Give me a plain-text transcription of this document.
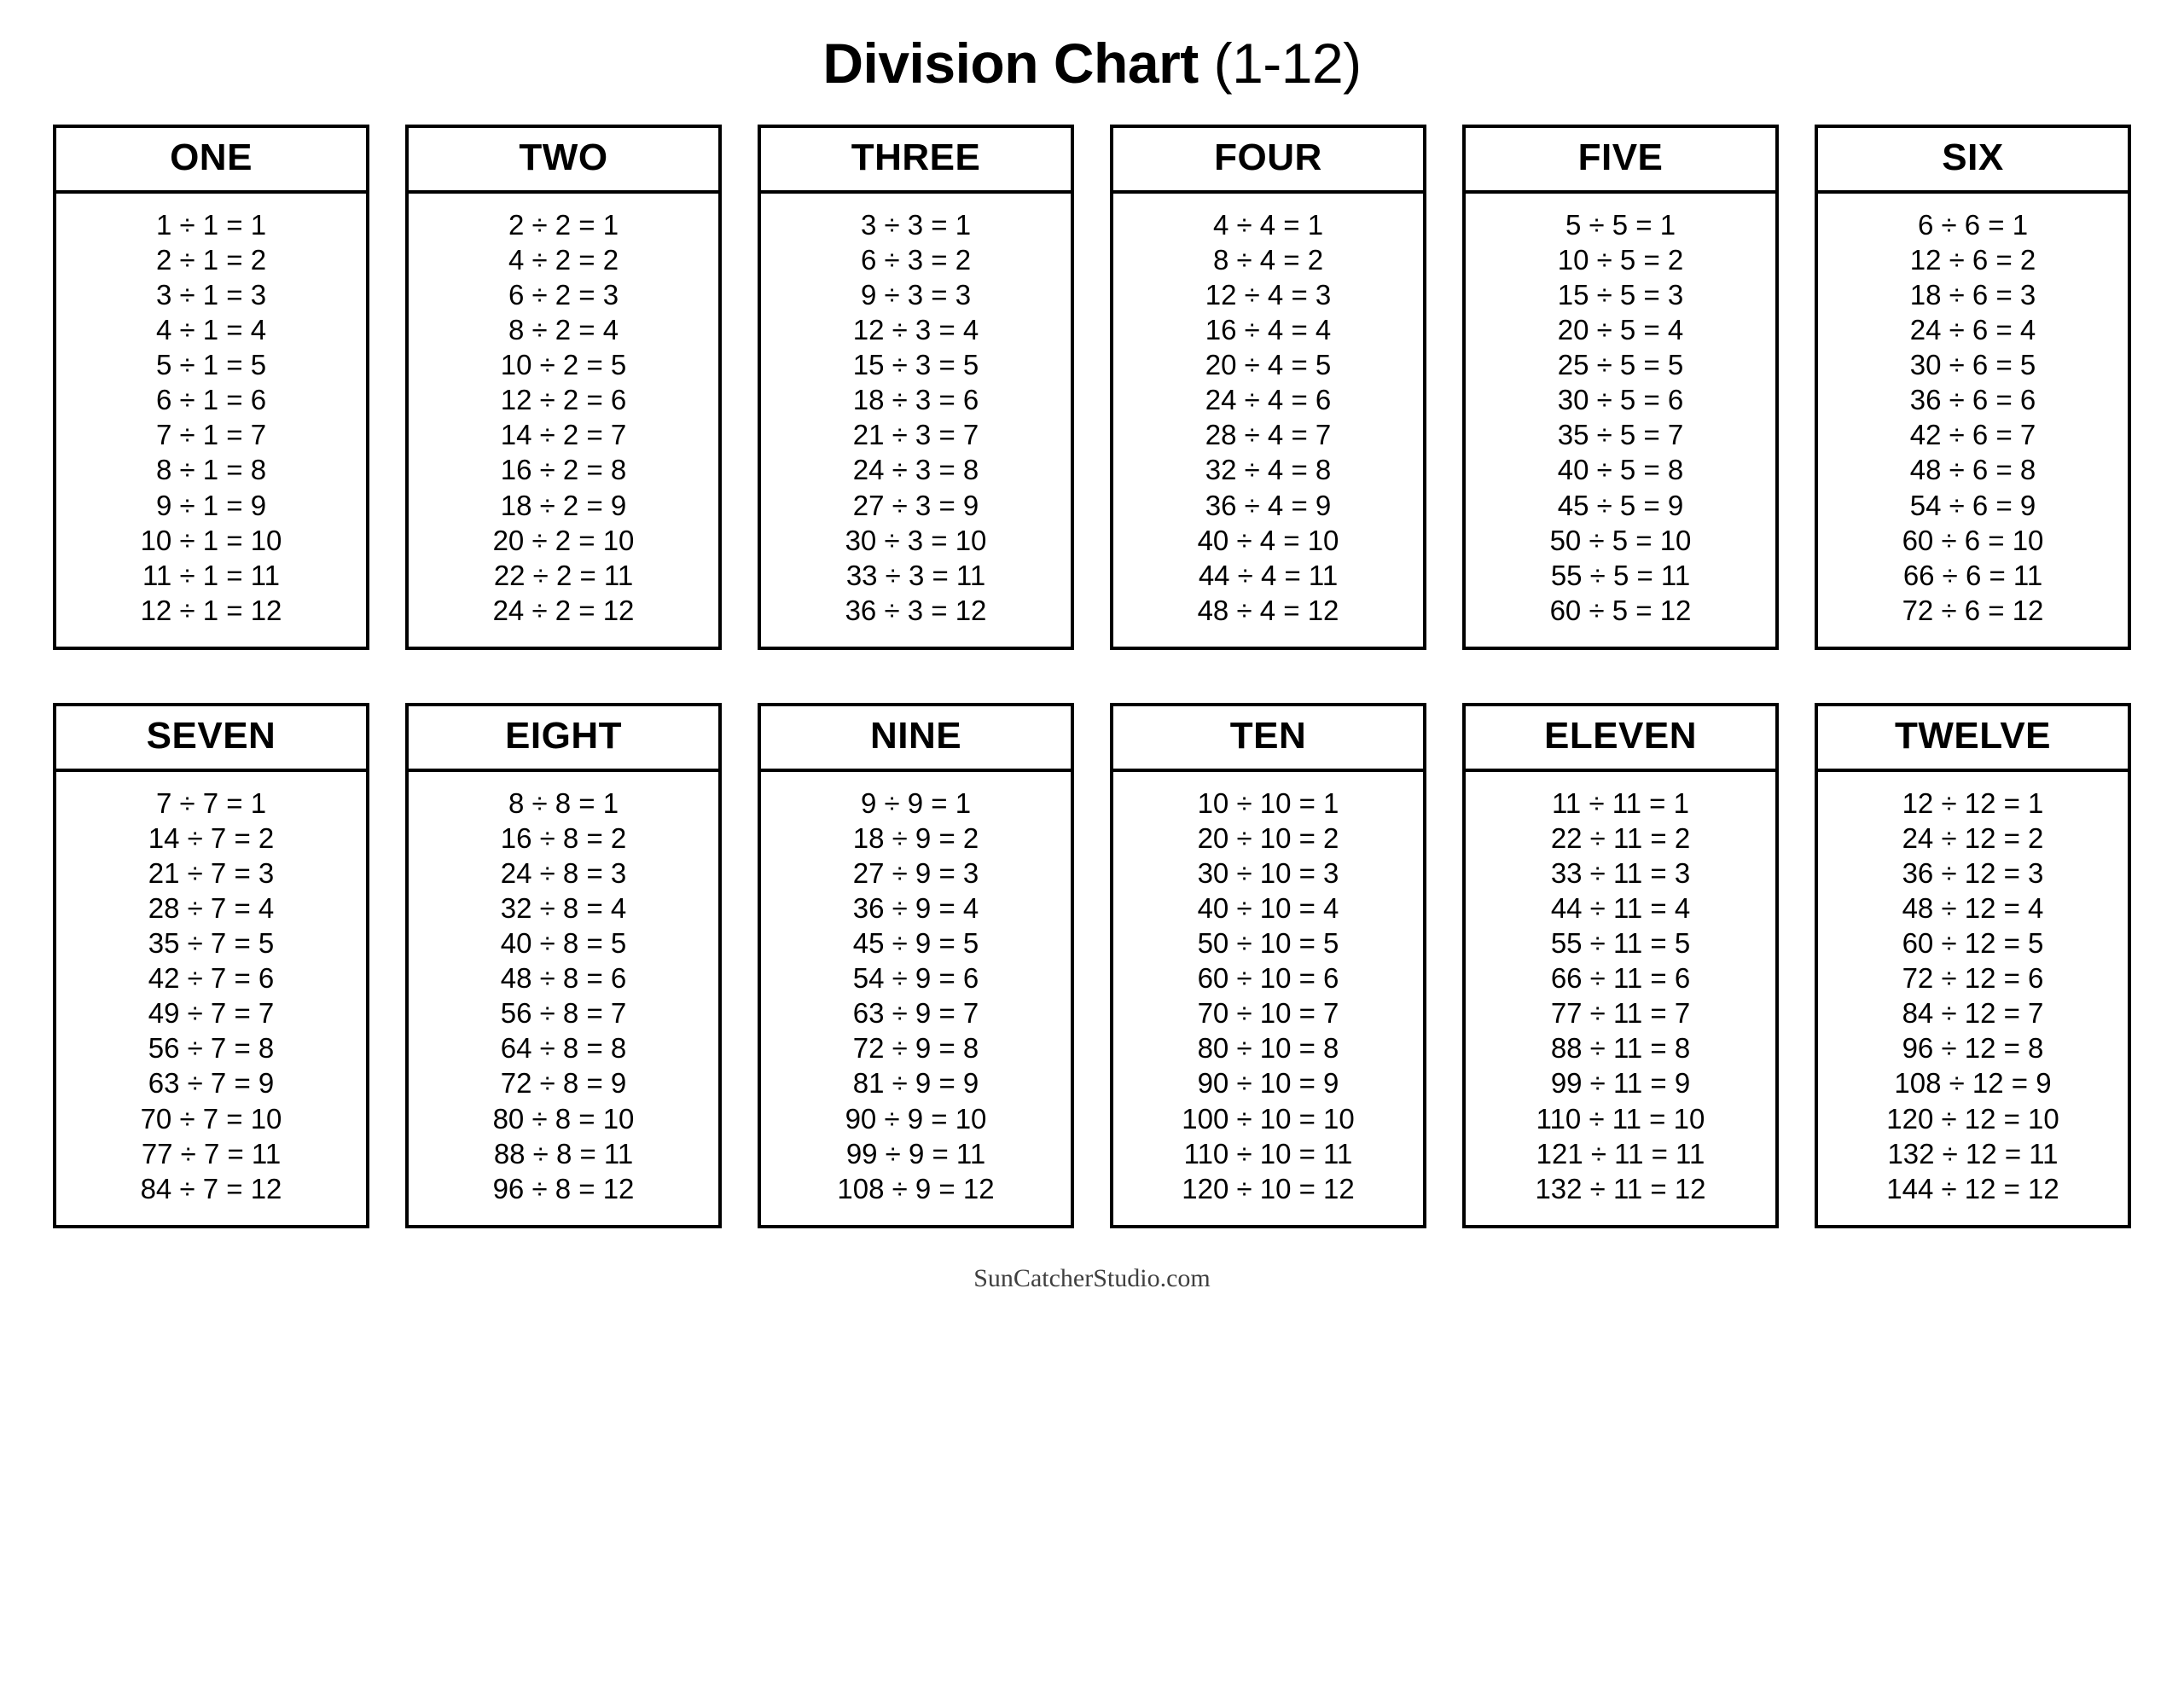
Division Chart (1-12)
ONE
1 ÷ 1 = 1
2 ÷ 1 = 2
3 ÷ 1 = 3
4 ÷ 1 = 4
5 ÷ 1 = 5
6 ÷ 1 = 6
7 ÷ 1 = 7
8 ÷ 1 = 8
9 ÷ 1 = 9
10 ÷ 1 = 10
11 ÷ 1 = 11
12 ÷ 1 = 12
TWO
2 ÷ 2 = 1
4 ÷ 2 = 2
6 ÷ 2 = 3
8 ÷ 2 = 4
10 ÷ 2 = 5
12 ÷ 2 = 6
14 ÷ 2 = 7
16 ÷ 2 = 8
18 ÷ 2 = 9
20 ÷ 2 = 10
22 ÷ 2 = 11
24 ÷ 2 = 12
THREE
3 ÷ 3 = 1
6 ÷ 3 = 2
9 ÷ 3 = 3
12 ÷ 3 = 4
15 ÷ 3 = 5
18 ÷ 3 = 6
21 ÷ 3 = 7
24 ÷ 3 = 8
27 ÷ 3 = 9
30 ÷ 3 = 10
33 ÷ 3 = 11
36 ÷ 3 = 12
FOUR
4 ÷ 4 = 1
8 ÷ 4 = 2
12 ÷ 4 = 3
16 ÷ 4 = 4
20 ÷ 4 = 5
24 ÷ 4 = 6
28 ÷ 4 = 7
32 ÷ 4 = 8
36 ÷ 4 = 9
40 ÷ 4 = 10
44 ÷ 4 = 11
48 ÷ 4 = 12
FIVE
5 ÷ 5 = 1
10 ÷ 5 = 2
15 ÷ 5 = 3
20 ÷ 5 = 4
25 ÷ 5 = 5
30 ÷ 5 = 6
35 ÷ 5 = 7
40 ÷ 5 = 8
45 ÷ 5 = 9
50 ÷ 5 = 10
55 ÷ 5 = 11
60 ÷ 5 = 12
SIX
6 ÷ 6 = 1
12 ÷ 6 = 2
18 ÷ 6 = 3
24 ÷ 6 = 4
30 ÷ 6 = 5
36 ÷ 6 = 6
42 ÷ 6 = 7
48 ÷ 6 = 8
54 ÷ 6 = 9
60 ÷ 6 = 10
66 ÷ 6 = 11
72 ÷ 6 = 12
SEVEN
7 ÷ 7 = 1
14 ÷ 7 = 2
21 ÷ 7 = 3
28 ÷ 7 = 4
35 ÷ 7 = 5
42 ÷ 7 = 6
49 ÷ 7 = 7
56 ÷ 7 = 8
63 ÷ 7 = 9
70 ÷ 7 = 10
77 ÷ 7 = 11
84 ÷ 7 = 12
EIGHT
8 ÷ 8 = 1
16 ÷ 8 = 2
24 ÷ 8 = 3
32 ÷ 8 = 4
40 ÷ 8 = 5
48 ÷ 8 = 6
56 ÷ 8 = 7
64 ÷ 8 = 8
72 ÷ 8 = 9
80 ÷ 8 = 10
88 ÷ 8 = 11
96 ÷ 8 = 12
NINE
9 ÷ 9 = 1
18 ÷ 9 = 2
27 ÷ 9 = 3
36 ÷ 9 = 4
45 ÷ 9 = 5
54 ÷ 9 = 6
63 ÷ 9 = 7
72 ÷ 9 = 8
81 ÷ 9 = 9
90 ÷ 9 = 10
99 ÷ 9 = 11
108 ÷ 9 = 12
TEN
10 ÷ 10 = 1
20 ÷ 10 = 2
30 ÷ 10 = 3
40 ÷ 10 = 4
50 ÷ 10 = 5
60 ÷ 10 = 6
70 ÷ 10 = 7
80 ÷ 10 = 8
90 ÷ 10 = 9
100 ÷ 10 = 10
110 ÷ 10 = 11
120 ÷ 10 = 12
ELEVEN
11 ÷ 11 = 1
22 ÷ 11 = 2
33 ÷ 11 = 3
44 ÷ 11 = 4
55 ÷ 11 = 5
66 ÷ 11 = 6
77 ÷ 11 = 7
88 ÷ 11 = 8
99 ÷ 11 = 9
110 ÷ 11 = 10
121 ÷ 11 = 11
132 ÷ 11 = 12
TWELVE
12 ÷ 12 = 1
24 ÷ 12 = 2
36 ÷ 12 = 3
48 ÷ 12 = 4
60 ÷ 12 = 5
72 ÷ 12 = 6
84 ÷ 12 = 7
96 ÷ 12 = 8
108 ÷ 12 = 9
120 ÷ 12 = 10
132 ÷ 12 = 11
144 ÷ 12 = 12
SunCatcherStudio.com
